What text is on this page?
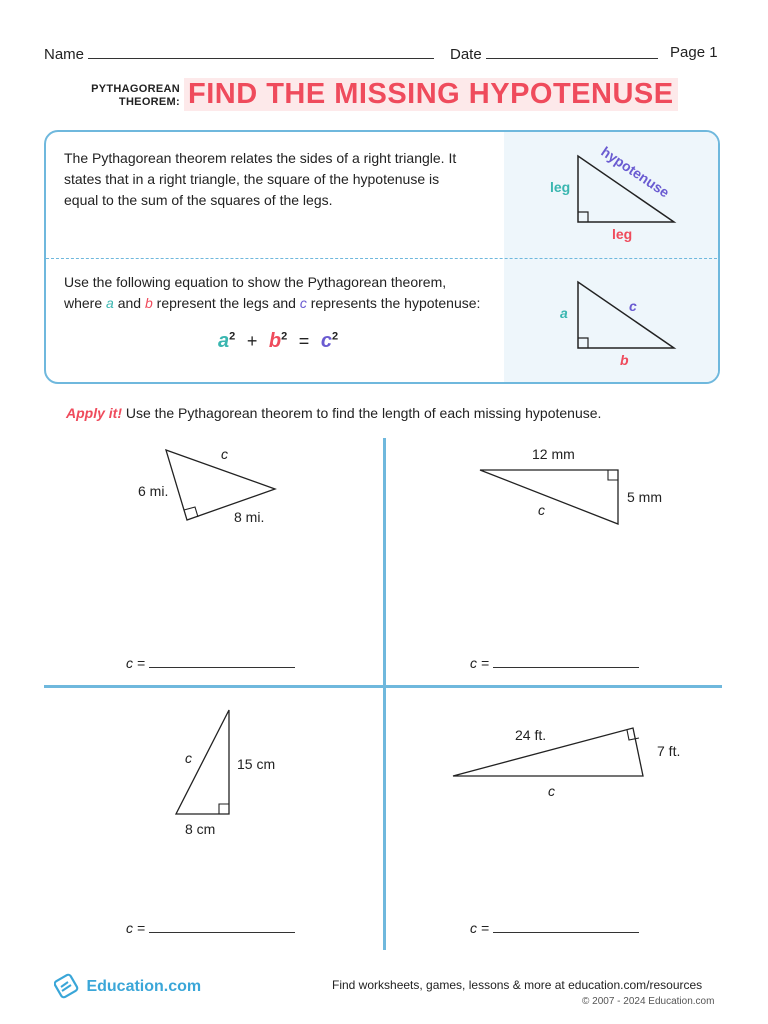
Name	Date	Page 1
PYTHAGOREAN
THEOREM: FIND THE MISSING HYPOTENUSE
The Pythagorean theorem relates the sides of a right triangle. It states that in a right triangle, the square of the hypotenuse is equal to the sum of the squares of the legs.
Use the following equation to show the Pythagorean theorem, where a and b represent the legs and c represents the hypotenuse:
$a^2 + b^2 = c^2$
leg
leg
hypotenuse
a
b
c
Apply it! Use the Pythagorean theorem to find the length of each missing hypotenuse.
6 mi.
8 mi.
c
c =
12 mm
5 mm
c
c =
15 cm
8 cm
c
c =
24 ft.
7 ft.
c
c =
Education.com	Find worksheets, games, lessons & more at education.com/resources
© 2007 - 2024 Education.com
